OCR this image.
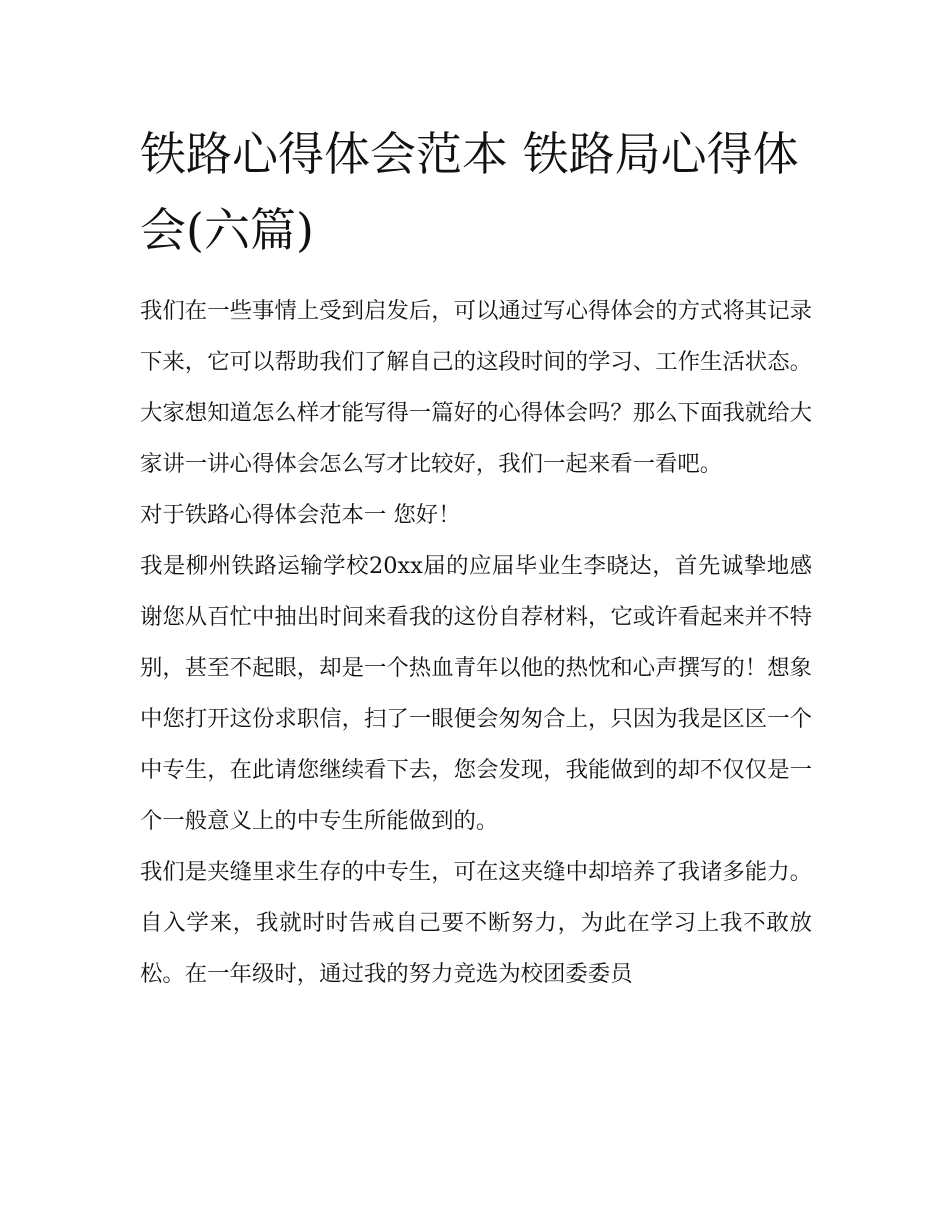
铁路心得体会范本 铁路局心得体会(六篇)

我们在一些事情上受到启发后，可以通过写心得体会的方式将其记录下来，它可以帮助我们了解自己的这段时间的学习、工作生活状态。大家想知道怎么样才能写得一篇好的心得体会吗？那么下面我就给大家讲一讲心得体会怎么写才比较好，我们一起来看一看吧。

对于铁路心得体会范本一 您好！

我是柳州铁路运输学校20xx届的应届毕业生李晓达，首先诚挚地感谢您从百忙中抽出时间来看我的这份自荐材料，它或许看起来并不特别，甚至不起眼，却是一个热血青年以他的热忱和心声撰写的！想象中您打开这份求职信，扫了一眼便会匆匆合上，只因为我是区区一个中专生，在此请您继续看下去，您会发现，我能做到的却不仅仅是一个一般意义上的中专生所能做到的。

我们是夹缝里求生存的中专生，可在这夹缝中却培养了我诸多能力。自入学来，我就时时告戒自己要不断努力，为此在学习上我不敢放松。在一年级时，通过我的努力竞选为校团委委员
